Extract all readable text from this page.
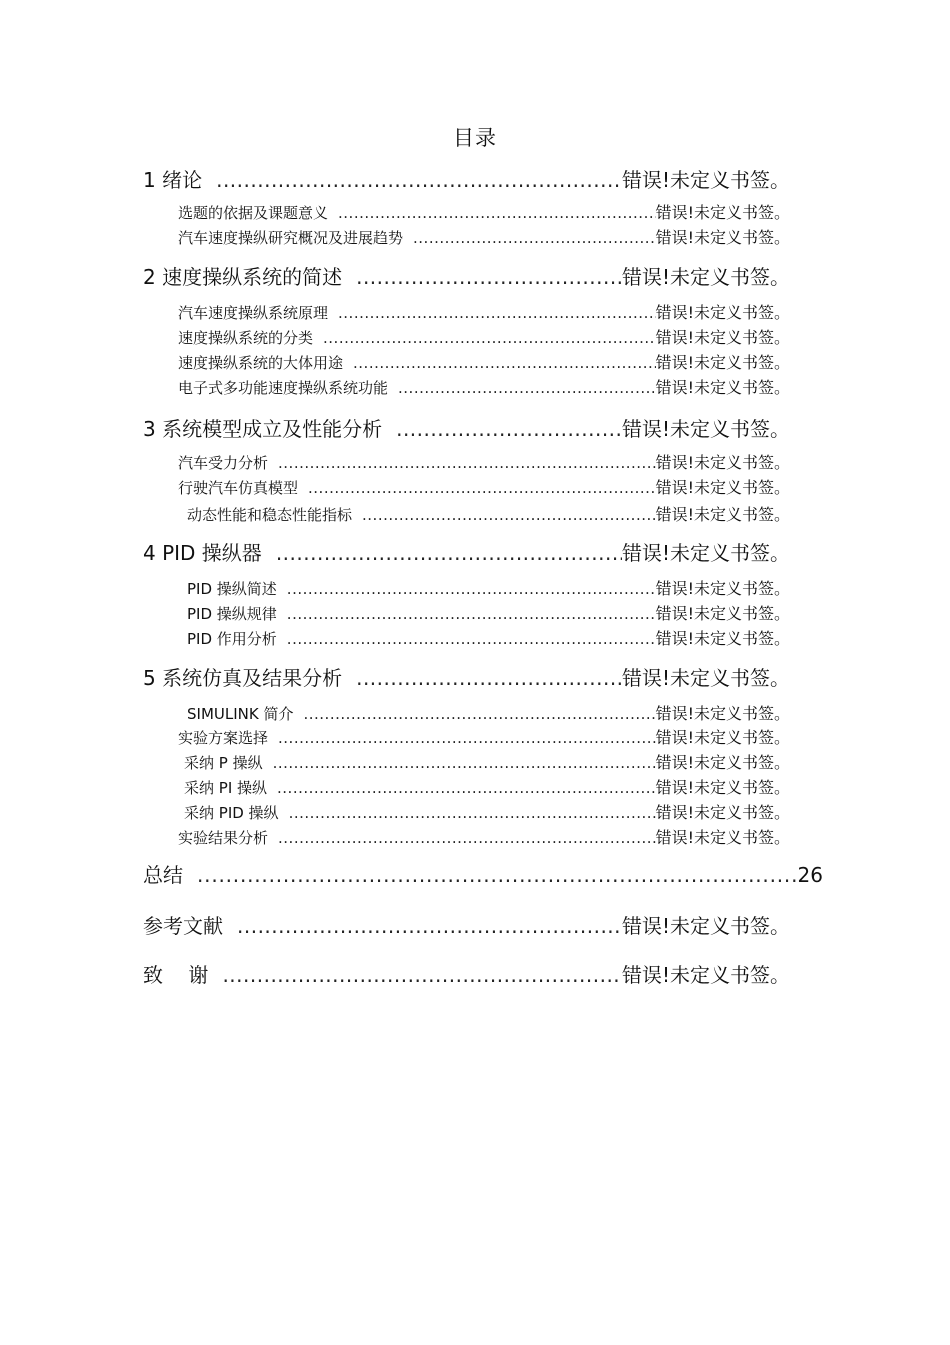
目录
1 绪论 .....	错误!未定义书签。
选题的依据及课题意义 .....	错误!未定义书签。
汽车速度操纵研究概况及进展趋势 .....	错误!未定义书签。
2 速度操纵系统的简述 .....	错误!未定义书签。
汽车速度操纵系统原理 .....	错误!未定义书签。
速度操纵系统的分类 .....	错误!未定义书签。
速度操纵系统的大体用途 .....	错误!未定义书签。
电子式多功能速度操纵系统功能 .....	错误!未定义书签。
3 系统模型成立及性能分析 .....	错误!未定义书签。
汽车受力分析 .....	错误!未定义书签。
行驶汽车仿真模型 .....	错误!未定义书签。
动态性能和稳态性能指标 .....	错误!未定义书签。
4 PID 操纵器 .....	错误!未定义书签。
PID 操纵简述 .....	错误!未定义书签。
PID 操纵规律 .....	错误!未定义书签。
PID 作用分析 .....	错误!未定义书签。
5 系统仿真及结果分析 .....	错误!未定义书签。
SIMULINK 简介 .....	错误!未定义书签。
实验方案选择 .....	错误!未定义书签。
采纳 P 操纵 .....	错误!未定义书签。
采纳 PI 操纵 .....	错误!未定义书签。
采纳 PID 操纵 .....	错误!未定义书签。
实验结果分析 .....	错误!未定义书签。
总结 .....	26
参考文献 .....	错误!未定义书签。
致    谢 .....	错误!未定义书签。
